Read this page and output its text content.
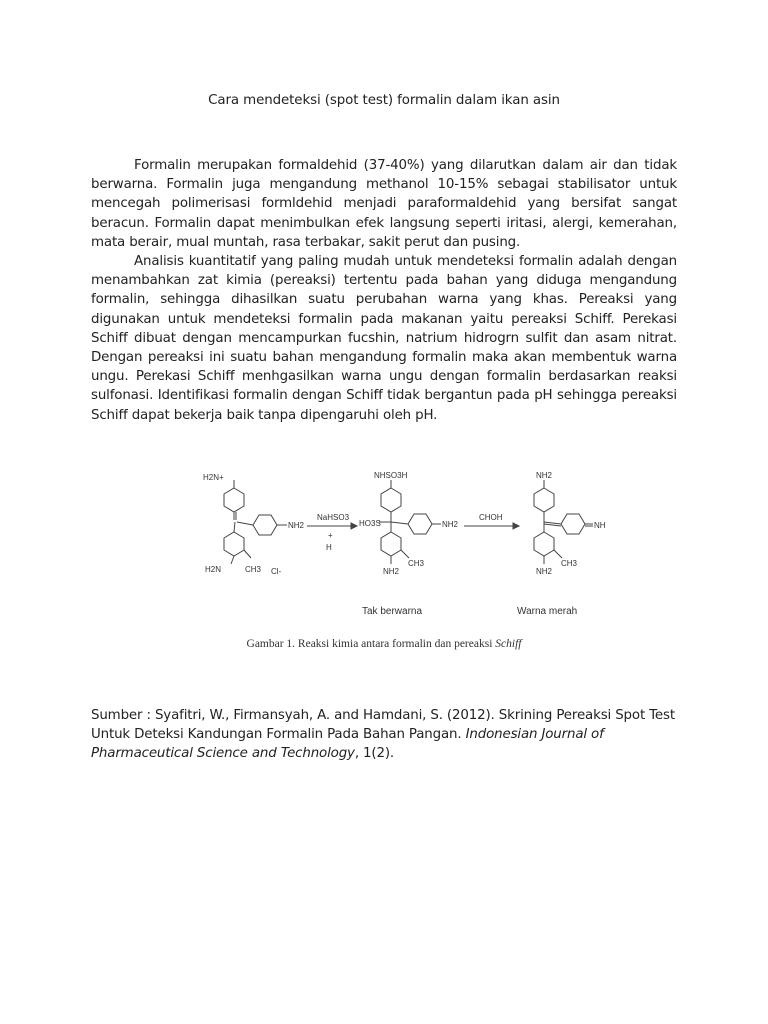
Cara mendeteksi (spot test) formalin dalam ikan asin

Formalin merupakan formaldehid (37-40%) yang dilarutkan dalam air dan tidak berwarna. Formalin juga mengandung methanol 10-15% sebagai stabilisator untuk mencegah polimerisasi formldehid menjadi paraformaldehid yang bersifat sangat beracun. Formalin dapat menimbulkan efek langsung seperti iritasi, alergi, kemerahan, mata berair, mual muntah, rasa terbakar, sakit perut dan pusing.

Analisis kuantitatif yang paling mudah untuk mendeteksi formalin adalah dengan menambahkan zat kimia (pereaksi) tertentu pada bahan yang diduga mengandung formalin, sehingga dihasilkan suatu perubahan warna yang khas. Pereaksi yang digunakan untuk mendeteksi formalin pada makanan yaitu pereaksi Schiff. Perekasi Schiff dibuat dengan mencampurkan fucshin, natrium hidrogrn sulfit dan asam nitrat. Dengan pereaksi ini suatu bahan mengandung formalin maka akan membentuk warna ungu. Perekasi Schiff menhgasilkan warna ungu dengan formalin berdasarkan reaksi sulfonasi. Identifikasi formalin dengan Schiff tidak bergantun pada pH sehingga pereaksi Schiff dapat bekerja baik tanpa dipengaruhi oleh pH.

H2N+
NH2
H2N	CH3 Cl-
NaHSO3
+
H
NHSO3H
HO3S	NH2
CH3
NH2
Tak berwarna
CHOH
NH2
NH
CH3
NH2
Warna merah
Gambar 1. Reaksi kimia antara formalin dan pereaksi Schiff
Sumber : Syafitri, W., Firmansyah, A. and Hamdani, S. (2012). Skrining Pereaksi Spot Test Untuk Deteksi Kandungan Formalin Pada Bahan Pangan. Indonesian Journal of Pharmaceutical Science and Technology, 1(2).
